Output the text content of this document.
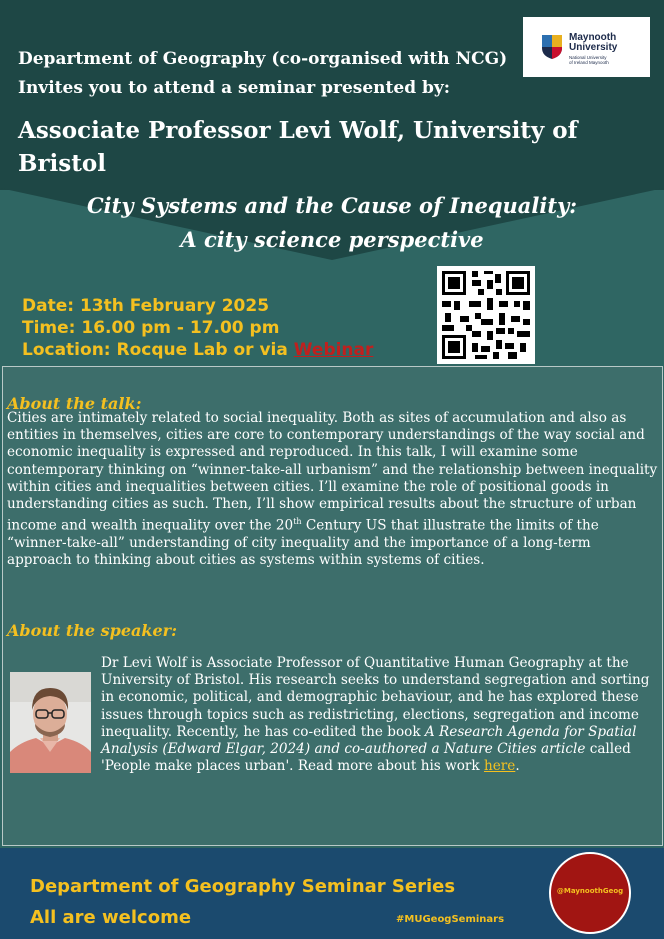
Department of Geography (co-organised with NCG)
Invites you to attend a seminar presented by:
Associate Professor Levi Wolf, University of Bristol
Maynooth
University
National University
of Ireland Maynooth
City Systems and the Cause of Inequality:
A city science perspective
Date: 13th February 2025
Time: 16.00 pm - 17.00 pm
Location: Rocque Lab or via Webinar
About the talk:
Cities are intimately related to social inequality. Both as sites of accumulation and also as entities in themselves, cities are core to contemporary understandings of the way social and economic inequality is expressed and reproduced. In this talk, I will examine some contemporary thinking on “winner-take-all urbanism” and the relationship between inequality within cities and inequalities between cities. I’ll examine the role of positional goods in understanding cities as such. Then, I’ll show empirical results about the structure of urban income and wealth inequality over the 20th Century US that illustrate the limits of the “winner-take-all” understanding of city inequality and the importance of a long-term approach to thinking about cities as systems within systems of cities.
About the speaker:
Dr Levi Wolf is Associate Professor of Quantitative Human Geography at the University of Bristol. His research seeks to understand segregation and sorting in economic, political, and demographic behaviour, and he has explored these issues through topics such as redistricting, elections, segregation and income inequality. Recently, he has co-edited the book A Research Agenda for Spatial Analysis (Edward Elgar, 2024) and co-authored a Nature Cities article called 'People make places urban'. Read more about his work here.
Department of Geography Seminar Series
All are welcome	#MUGeogSeminars
@MaynoothGeog
